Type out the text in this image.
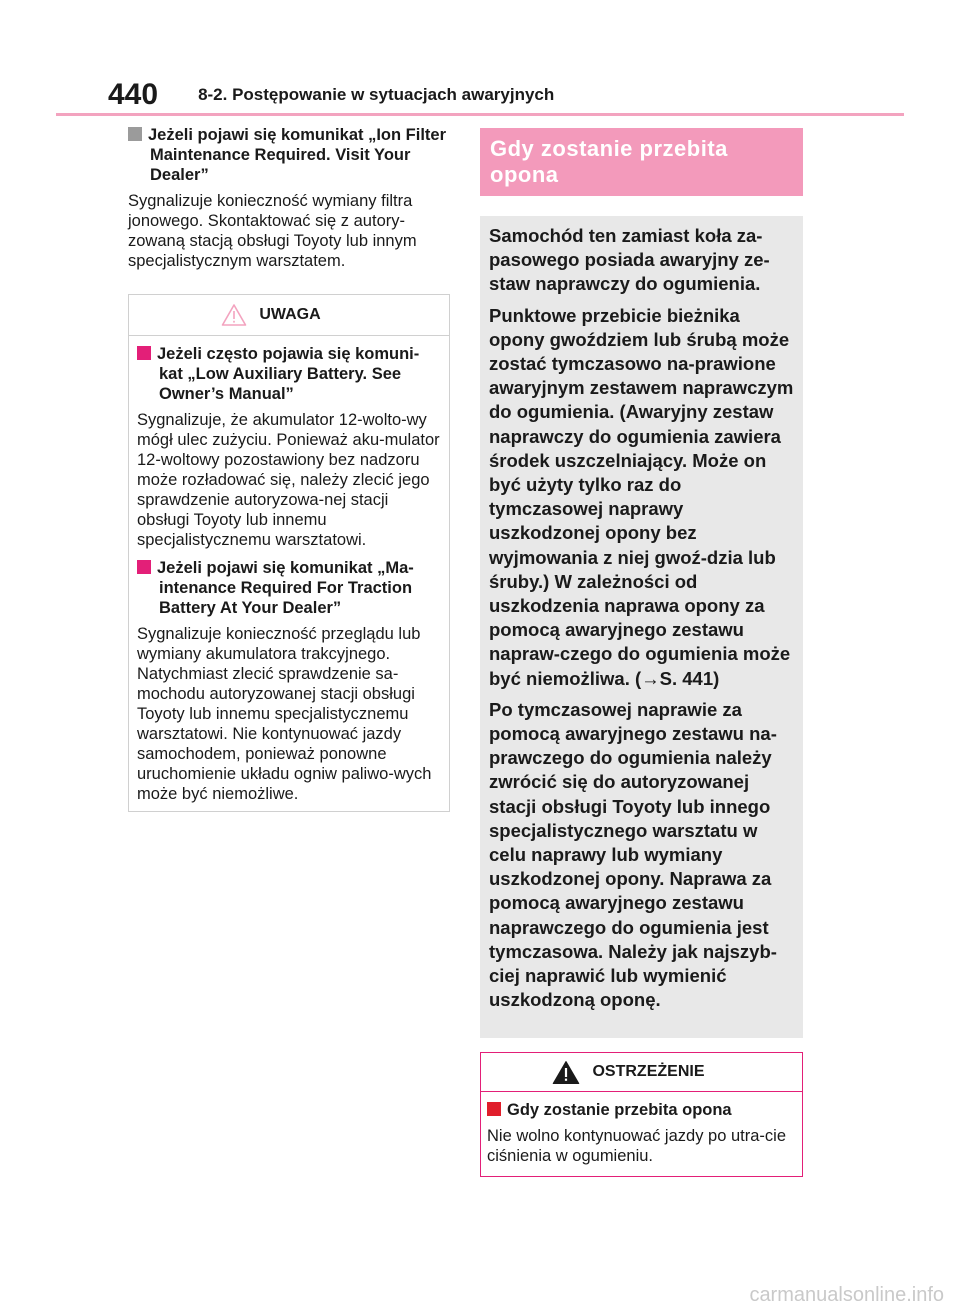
440 8-2. Postępowanie w sytuacjach awaryjnych

Jeżeli pojawi się komunikat „Ion Filter Maintenance Required. Visit Your Dealer”

Sygnalizuje konieczność wymiany filtra jonowego. Skontaktować się z autory-zowaną stacją obsługi Toyoty lub innym specjalistycznym warsztatem.

UWAGA

Jeżeli często pojawia się komuni-kat „Low Auxiliary Battery. See Owner’s Manual”

Sygnalizuje, że akumulator 12-wolto-wy mógł ulec zużyciu. Ponieważ aku-mulator 12-woltowy pozostawiony bez nadzoru może rozładować się, należy zlecić jego sprawdzenie autoryzowa-nej stacji obsługi Toyoty lub innemu specjalistycznemu warsztatowi.

Jeżeli pojawi się komunikat „Ma-intenance Required For Traction Battery At Your Dealer”

Sygnalizuje konieczność przeglądu lub wymiany akumulatora trakcyjnego. Natychmiast zlecić sprawdzenie sa-mochodu autoryzowanej stacji obsługi Toyoty lub innemu specjalistycznemu warsztatowi. Nie kontynuować jazdy samochodem, ponieważ ponowne uruchomienie układu ogniw paliwo-wych może być niemożliwe.

Gdy zostanie przebita opona

Samochód ten zamiast koła za-pasowego posiada awaryjny ze-staw naprawczy do ogumienia.

Punktowe przebicie bieżnika opony gwoździem lub śrubą może zostać tymczasowo na-prawione awaryjnym zestawem naprawczym do ogumienia. (Awaryjny zestaw naprawczy do ogumienia zawiera środek uszczelniający. Może on być użyty tylko raz do tymczasowej naprawy uszkodzonej opony bez wyjmowania z niej gwoź-dzia lub śruby.) W zależności od uszkodzenia naprawa opony za pomocą awaryjnego zestawu napraw-czego do ogumienia może być niemożliwa. (→S. 441)

Po tymczasowej naprawie za pomocą awaryjnego zestawu na-prawczego do ogumienia należy zwrócić się do autoryzowanej stacji obsługi Toyoty lub innego specjalistycznego warsztatu w celu naprawy lub wymiany uszkodzonej opony. Naprawa za pomocą awaryjnego zestawu naprawczego do ogumienia jest tymczasowa. Należy jak najszyb-ciej naprawić lub wymienić uszkodzoną oponę.

OSTRZEŻENIE

Gdy zostanie przebita opona

Nie wolno kontynuować jazdy po utra-cie ciśnienia w ogumieniu.

carmanualsonline.info
